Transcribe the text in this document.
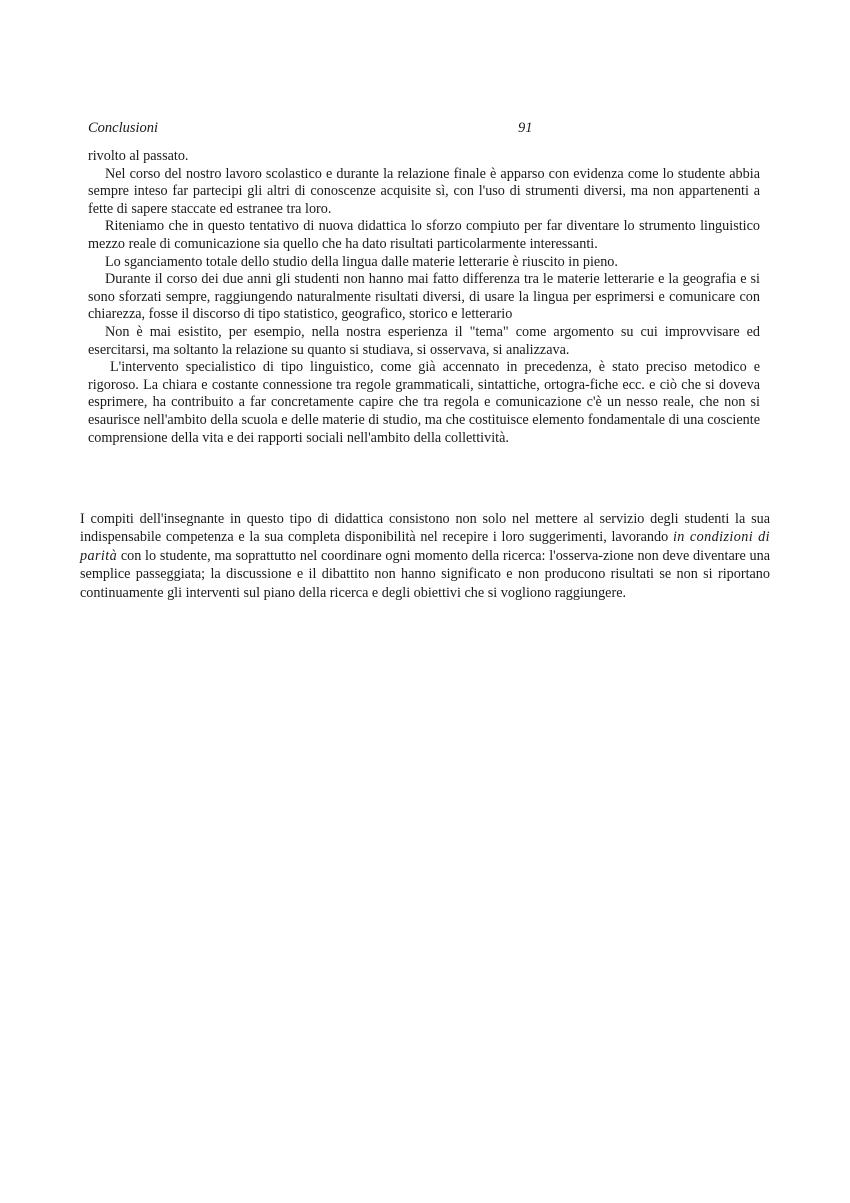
Conclusioni	91

rivolto al passato.

Nel corso del nostro lavoro scolastico e durante la relazione finale è apparso con evidenza come lo studente abbia sempre inteso far partecipi gli altri di conoscenze acquisite sì, con l'uso di strumenti diversi, ma non appartenenti a fette di sapere staccate ed estranee tra loro.

Riteniamo che in questo tentativo di nuova didattica lo sforzo compiuto per far diventare lo strumento linguistico mezzo reale di comunicazione sia quello che ha dato risultati particolarmente interessanti.

Lo sganciamento totale dello studio della lingua dalle materie letterarie è riuscito in pieno.

Durante il corso dei due anni gli studenti non hanno mai fatto differenza tra le materie letterarie e la geografia e si sono sforzati sempre, raggiungendo naturalmente risultati diversi, di usare la lingua per esprimersi e comunicare con chiarezza, fosse il discorso di tipo statistico, geografico, storico e letterario

Non è mai esistito, per esempio, nella nostra esperienza il "tema" come argomento su cui improvvisare ed esercitarsi, ma soltanto la relazione su quanto si studiava, si osservava, si analizzava.

L'intervento specialistico di tipo linguistico, come già accennato in precedenza, è stato preciso metodico e rigoroso. La chiara e costante connessione tra regole grammaticali, sintattiche, ortogra-fiche ecc. e ciò che si doveva esprimere, ha contribuito a far concretamente capire che tra regola e comunicazione c'è un nesso reale, che non si esaurisce nell'ambito della scuola e delle materie di studio, ma che costituisce elemento fondamentale di una cosciente comprensione della vita e dei rapporti sociali nell'ambito della collettività.

I compiti dell'insegnante in questo tipo di didattica consistono non solo nel mettere al servizio degli studenti la sua indispensabile competenza e la sua completa disponibilità nel recepire i loro suggerimenti, lavorando in condizioni di parità con lo studente, ma soprattutto nel coordinare ogni momento della ricerca: l'osserva-zione non deve diventare una semplice passeggiata; la discussione e il dibattito non hanno significato e non producono risultati se non si riportano continuamente gli interventi sul piano della ricerca e degli obiettivi che si vogliono raggiungere.
